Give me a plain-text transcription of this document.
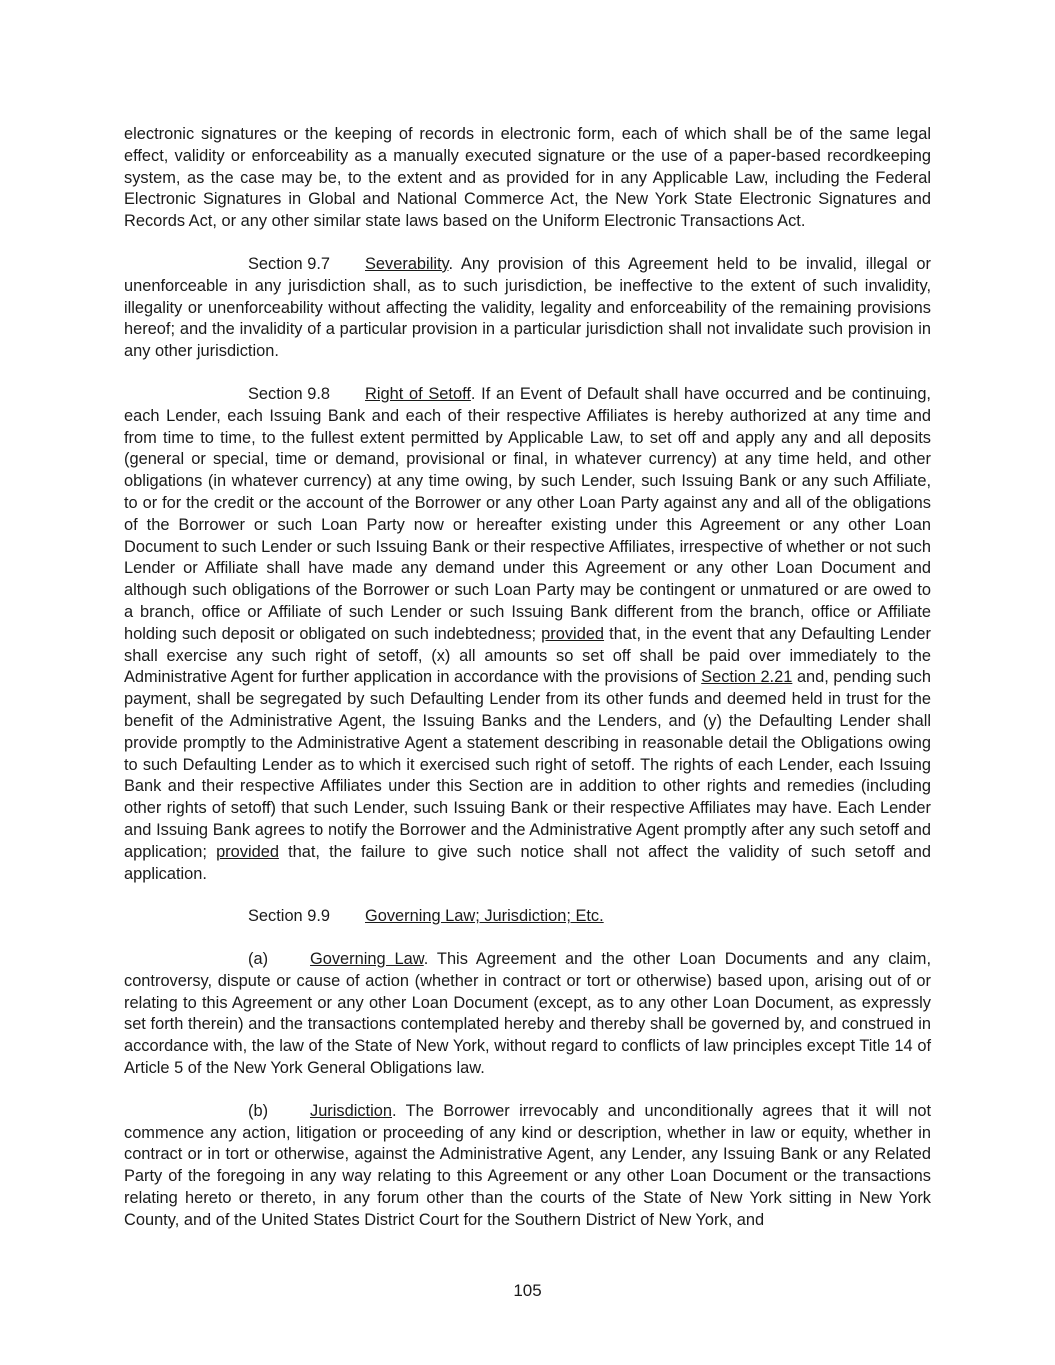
electronic signatures or the keeping of records in electronic form, each of which shall be of the same legal effect, validity or enforceability as a manually executed signature or the use of a paper-based recordkeeping system, as the case may be, to the extent and as provided for in any Applicable Law, including the Federal Electronic Signatures in Global and National Commerce Act, the New York State Electronic Signatures and Records Act, or any other similar state laws based on the Uniform Electronic Transactions Act.

Section 9.7 Severability. Any provision of this Agreement held to be invalid, illegal or unenforceable in any jurisdiction shall, as to such jurisdiction, be ineffective to the extent of such invalidity, illegality or unenforceability without affecting the validity, legality and enforceability of the remaining provisions hereof; and the invalidity of a particular provision in a particular jurisdiction shall not invalidate such provision in any other jurisdiction.

Section 9.8 Right of Setoff. If an Event of Default shall have occurred and be continuing, each Lender, each Issuing Bank and each of their respective Affiliates is hereby authorized at any time and from time to time, to the fullest extent permitted by Applicable Law, to set off and apply any and all deposits (general or special, time or demand, provisional or final, in whatever currency) at any time held, and other obligations (in whatever currency) at any time owing, by such Lender, such Issuing Bank or any such Affiliate, to or for the credit or the account of the Borrower or any other Loan Party against any and all of the obligations of the Borrower or such Loan Party now or hereafter existing under this Agreement or any other Loan Document to such Lender or such Issuing Bank or their respective Affiliates, irrespective of whether or not such Lender or Affiliate shall have made any demand under this Agreement or any other Loan Document and although such obligations of the Borrower or such Loan Party may be contingent or unmatured or are owed to a branch, office or Affiliate of such Lender or such Issuing Bank different from the branch, office or Affiliate holding such deposit or obligated on such indebtedness; provided that, in the event that any Defaulting Lender shall exercise any such right of setoff, (x) all amounts so set off shall be paid over immediately to the Administrative Agent for further application in accordance with the provisions of Section 2.21 and, pending such payment, shall be segregated by such Defaulting Lender from its other funds and deemed held in trust for the benefit of the Administrative Agent, the Issuing Banks and the Lenders, and (y) the Defaulting Lender shall provide promptly to the Administrative Agent a statement describing in reasonable detail the Obligations owing to such Defaulting Lender as to which it exercised such right of setoff. The rights of each Lender, each Issuing Bank and their respective Affiliates under this Section are in addition to other rights and remedies (including other rights of setoff) that such Lender, such Issuing Bank or their respective Affiliates may have. Each Lender and Issuing Bank agrees to notify the Borrower and the Administrative Agent promptly after any such setoff and application; provided that, the failure to give such notice shall not affect the validity of such setoff and application.

Section 9.9 Governing Law; Jurisdiction; Etc.

(a)	Governing Law. This Agreement and the other Loan Documents and any claim, controversy, dispute or cause of action (whether in contract or tort or otherwise) based upon, arising out of or relating to this Agreement or any other Loan Document (except, as to any other Loan Document, as expressly set forth therein) and the transactions contemplated hereby and thereby shall be governed by, and construed in accordance with, the law of the State of New York, without regard to conflicts of law principles except Title 14 of Article 5 of the New York General Obligations law.

(b)	Jurisdiction. The Borrower irrevocably and unconditionally agrees that it will not commence any action, litigation or proceeding of any kind or description, whether in law or equity, whether in contract or in tort or otherwise, against the Administrative Agent, any Lender, any Issuing Bank or any Related Party of the foregoing in any way relating to this Agreement or any other Loan Document or the transactions relating hereto or thereto, in any forum other than the courts of the State of New York sitting in New York County, and of the United States District Court for the Southern District of New York, and

105
